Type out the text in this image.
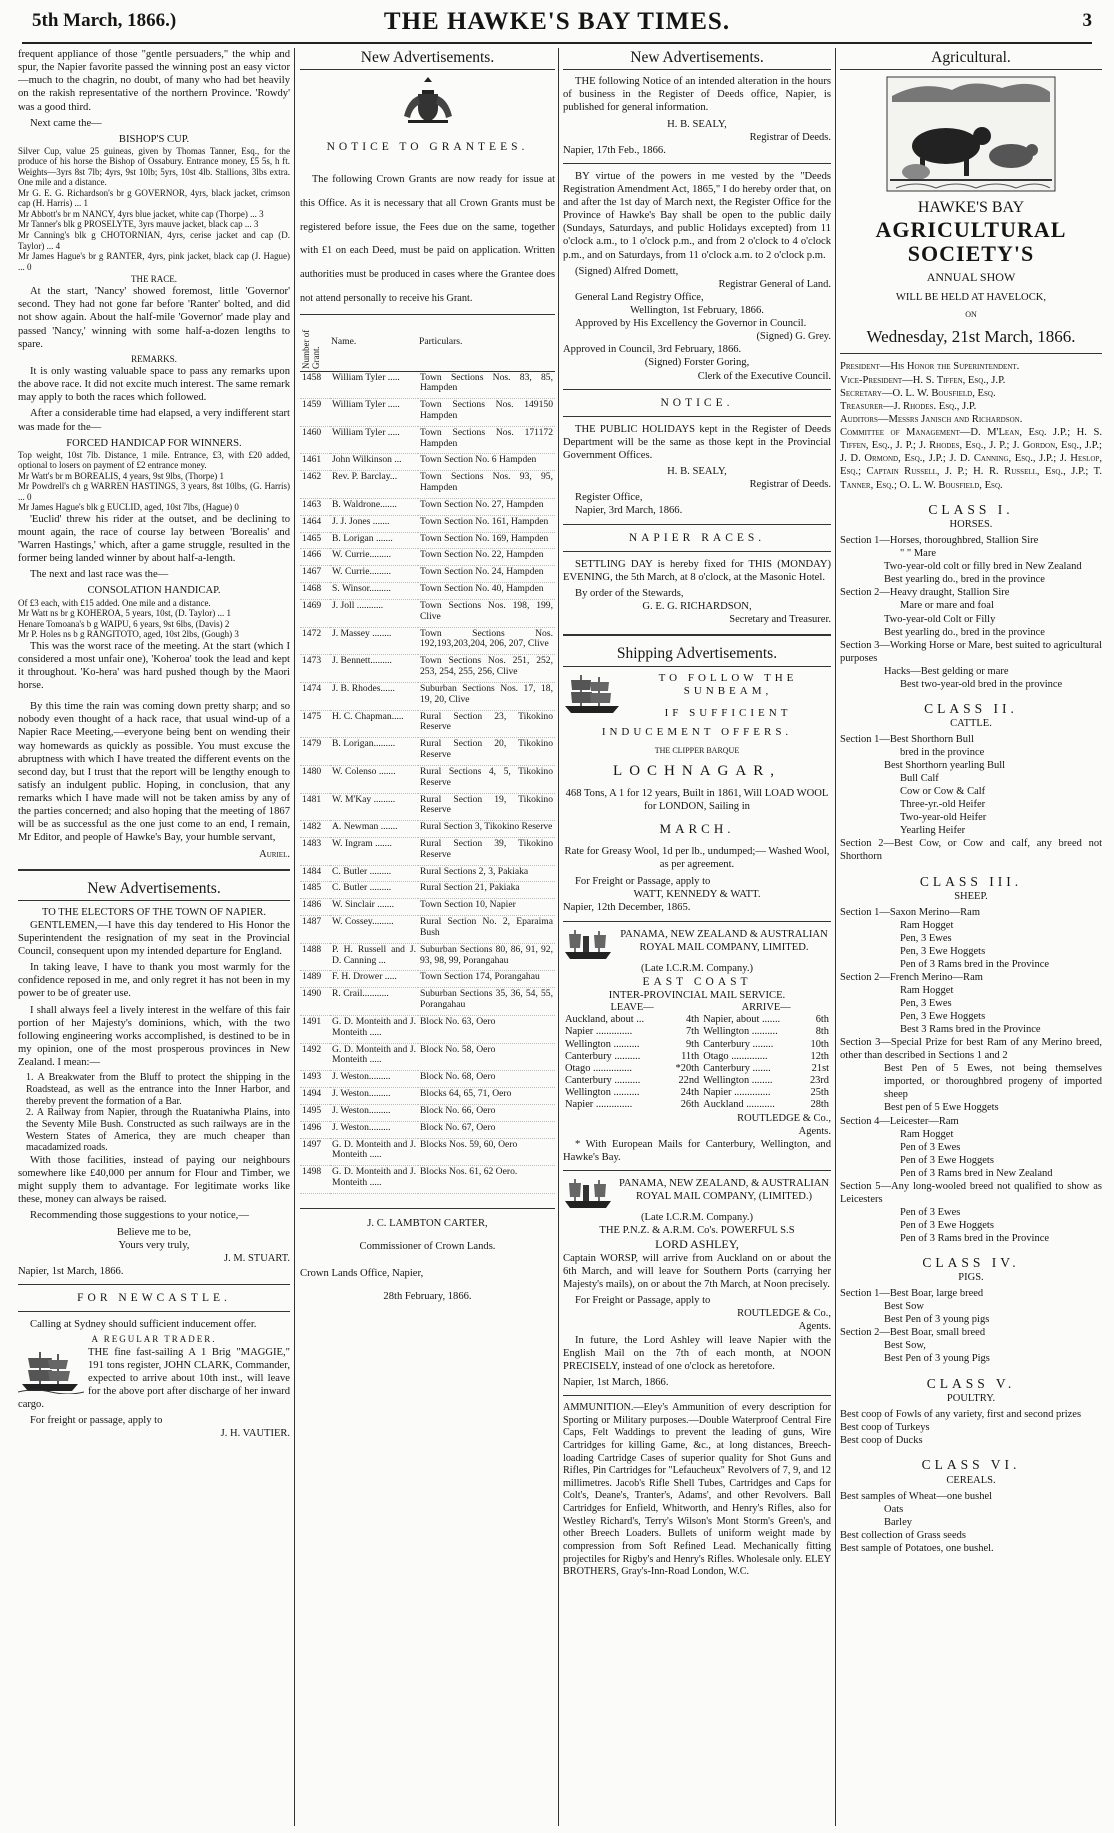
5th March, 1866.)	THE HAWKE'S BAY TIMES.	3

frequent appliance of those "gentle persuaders," the whip and spur, the Napier favorite passed the winning post an easy victor—much to the chagrin, no doubt, of many who had bet heavily on the rakish representative of the northern Province. 'Rowdy' was a good third.

Next came the—

BISHOP'S CUP.
Silver Cup, value 25 guineas, given by Thomas Tanner, Esq., for the produce of his horse the Bishop of Ossabury. Entrance money, £5 5s, h ft. Weights—3yrs 8st 7lb; 4yrs, 9st 10lb; 5yrs, 10st 4lb. Stallions, 3lbs extra. One mile and a distance.
Mr G. E. G. Richardson's br g GOVERNOR, 4yrs, black jacket, crimson cap (H. Harris) ... 1
Mr Abbott's br m NANCY, 4yrs blue jacket, white cap (Thorpe) ... 3
Mr Tanner's blk g PROSELYTE, 3yrs mauve jacket, black cap ... 3
Mr Canning's blk g CHOTORNIAN, 4yrs, cerise jacket and cap (D. Taylor) ... 4
Mr James Hague's br g RANTER, 4yrs, pink jacket, black cap (J. Hague) ... 0
THE RACE.

At the start, 'Nancy' showed foremost, little 'Governor' second. They had not gone far before 'Ranter' bolted, and did not show again. About the half-mile 'Governor' made play and passed 'Nancy,' winning with some half-a-dozen lengths to spare.

REMARKS.

It is only wasting valuable space to pass any remarks upon the above race. It did not excite much interest. The same remark may apply to both the races which followed.

After a considerable time had elapsed, a very indifferent start was made for the—

FORCED HANDICAP FOR WINNERS.
Top weight, 10st 7lb. Distance, 1 mile. Entrance, £3, with £20 added, optional to losers on payment of £2 entrance money.
Mr Watt's br m BOREALIS, 4 years, 9st 9lbs, (Thorpe) 1
Mr Powdrell's ch g WARREN HASTINGS, 3 years, 8st 10lbs, (G. Harris) ... 0
Mr James Hague's blk g EUCLID, aged, 10st 7lbs, (Hague) 0

'Euclid' threw his rider at the outset, and be declining to mount again, the race of course lay between 'Borealis' and 'Warren Hastings,' which, after a game struggle, resulted in the former being landed winner by about half-a-length.

The next and last race was the—

CONSOLATION HANDICAP.
Of £3 each, with £15 added. One mile and a distance.
Mr Watt ns br g KOHEROA, 5 years, 10st, (D. Taylor) ... 1
Henare Tomoana's b g WAIPU, 6 years, 9st 6lbs, (Davis) 2
Mr P. Holes ns b g RANGITOTO, aged, 10st 2lbs, (Gough) 3

This was the worst race of the meeting. At the start (which I considered a most unfair one), 'Koheroa' took the lead and kept it throughout. 'Ko-hera' was hard pushed though by the Maori horse.

By this time the rain was coming down pretty sharp; and so nobody even thought of a hack race, that usual wind-up of a Napier Race Meeting,—everyone being bent on wending their way homewards as quickly as possible. You must excuse the abruptness with which I have treated the different events on the second day, but I trust that the report will be lengthy enough to satisfy an indulgent public. Hoping, in conclusion, that any remarks which I have made will not be taken amiss by any of the parties concerned; and also hoping that the meeting of 1867 will be as successful as the one just come to an end, I remain, Mr Editor, and people of Hawke's Bay, your humble servant,

Auriel.
New Advertisements.
TO THE ELECTORS OF THE TOWN OF NAPIER.

GENTLEMEN,—I have this day tendered to His Honor the Superintendent the resignation of my seat in the Provincial Council, consequent upon my intended departure for England.

In taking leave, I have to thank you most warmly for the confidence reposed in me, and only regret it has not been in my power to be of greater use.

I shall always feel a lively interest in the welfare of this fair portion of her Majesty's dominions, which, with the two following engineering works accomplished, is destined to be in my opinion, one of the most prosperous provinces in New Zealand. I mean:—

1. A Breakwater from the Bluff to protect the shipping in the Roadstead, as well as the entrance into the Inner Harbor, and thereby prevent the formation of a Bar.

2. A Railway from Napier, through the Ruataniwha Plains, into the Seventy Mile Bush. Constructed as such railways are in the Western States of America, they are much cheaper than macadamized roads.

With those facilities, instead of paying our neighbours somewhere like £40,000 per annum for Flour and Timber, we might supply them to advantage. For legitimate works like these, money can always be raised.

Recommending those suggestions to your notice,—

Believe me to be,
Yours very truly,
J. M. STUART.
Napier, 1st March, 1866.
FOR NEWCASTLE.

Calling at Sydney should sufficient inducement offer.

A REGULAR TRADER.

THE fine fast-sailing A 1 Brig "MAGGIE," 191 tons register, JOHN CLARK, Commander, expected to arrive about 10th inst., will leave for the above port after discharge of her inward cargo.

For freight or passage, apply to
J. H. VAUTIER.
New Advertisements.
NOTICE TO GRANTEES.

The following Crown Grants are now ready for issue at this Office. As it is necessary that all Crown Grants must be registered before issue, the Fees due on the same, together with £1 on each Deed, must be paid on application. Written authorities must be produced in cases where the Grantee does not attend personally to receive his Grant.

Number of Grant.	Name.	Particulars.
1458	William Tyler .....	Town Sections Nos. 83, 85, Hampden
1459	William Tyler .....	Town Sections Nos. 149150 Hampden
1460	William Tyler .....	Town Sections Nos. 171172 Hampden
1461	John Wilkinson ...	Town Section No. 6 Hampden
1462	Rev. P. Barclay...	Town Sections Nos. 93, 95, Hampden
1463	B. Waldrone.......	Town Section No. 27, Hampden
1464	J. J. Jones .......	Town Section No. 161, Hampden
1465	B. Lorigan .......	Town Section No. 169, Hampden
1466	W. Currie.........	Town Section No. 22, Hampden
1467	W. Currie.........	Town Section No. 24, Hampden
1468	S. Winsor.........	Town Section No. 40, Hampden
1469	J. Joll ...........	Town Sections Nos. 198, 199, Clive
1472	J. Massey ........	Town Sections Nos. 192,193,203,204, 206, 207, Clive
1473	J. Bennett.........	Town Sections Nos. 251, 252, 253, 254, 255, 256, Clive
1474	J. B. Rhodes......	Suburban Sections Nos. 17, 18, 19, 20, Clive
1475	H. C. Chapman.....	Rural Section 23, Tikokino Reserve
1479	B. Lorigan.........	Rural Section 20, Tikokino Reserve
1480	W. Colenso .......	Rural Sections 4, 5, Tikokino Reserve
1481	W. M'Kay .........	Rural Section 19, Tikokino Reserve
1482	A. Newman .......	Rural Section 3, Tikokino Reserve
1483	W. Ingram .......	Rural Section 39, Tikokino Reserve
1484	C. Butler .........	Rural Sections 2, 3, Pakiaka
1485	C. Butler .........	Rural Section 21, Pakiaka
1486	W. Sinclair .......	Town Section 10, Napier
1487	W. Cossey.........	Rural Section No. 2, Eparaima Bush
1488	P. H. Russell and J. D. Canning ...	Suburban Sections 80, 86, 91, 92, 93, 98, 99, Porangahau
1489	F. H. Drower .....	Town Section 174, Porangahau
1490	R. Crail...........	Suburban Sections 35, 36, 54, 55, Porangahau
1491	G. D. Monteith and J. Monteith .....	Block No. 63, Oero
1492	G. D. Monteith and J. Monteith .....	Block No. 58, Oero
1493	J. Weston.........	Block No. 68, Oero
1494	J. Weston.........	Blocks 64, 65, 71, Oero
1495	J. Weston.........	Block No. 66, Oero
1496	J. Weston.........	Block No. 67, Oero
1497	G. D. Monteith and J. Monteith .....	Blocks Nos. 59, 60, Oero
1498	G. D. Monteith and J. Monteith .....	Blocks Nos. 61, 62 Oero.
J. C. LAMBTON CARTER,
Commissioner of Crown Lands.
Crown Lands Office, Napier,
28th February, 1866.
New Advertisements.

THE following Notice of an intended alteration in the hours of business in the Register of Deeds office, Napier, is published for general information.

H. B. SEALY,
Registrar of Deeds.
Napier, 17th Feb., 1866.

BY virtue of the powers in me vested by the "Deeds Registration Amendment Act, 1865," I do hereby order that, on and after the 1st day of March next, the Register Office for the Province of Hawke's Bay shall be open to the public daily (Sundays, Saturdays, and public Holidays excepted) from 11 o'clock a.m., to 1 o'clock p.m., and from 2 o'clock to 4 o'clock p.m., and on Saturdays, from 11 o'clock a.m. to 2 o'clock p.m.

(Signed) Alfred Domett,
Registrar General of Land.
General Land Registry Office,
Wellington, 1st February, 1866.
Approved by His Excellency the Governor in Council.
(Signed) G. Grey.
Approved in Council, 3rd February, 1866.
(Signed) Forster Goring,
Clerk of the Executive Council.
NOTICE.

THE PUBLIC HOLIDAYS kept in the Register of Deeds Department will be the same as those kept in the Provincial Government Offices.

H. B. SEALY,
Registrar of Deeds.
Register Office,
Napier, 3rd March, 1866.
NAPIER RACES.

SETTLING DAY is hereby fixed for THIS (MONDAY) EVENING, the 5th March, at 8 o'clock, at the Masonic Hotel.

By order of the Stewards,
G. E. G. RICHARDSON,
Secretary and Treasurer.
Shipping Advertisements.
TO FOLLOW THE SUNBEAM,
IF SUFFICIENT
INDUCEMENT OFFERS.
THE CLIPPER BARQUE
LOCHNAGAR,
468 Tons, A 1 for 12 years, Built in 1861, Will LOAD WOOL for LONDON, Sailing in
MARCH.
Rate for Greasy Wool, 1d per lb., undumped;— Washed Wool, as per agreement.
For Freight or Passage, apply to
WATT, KENNEDY & WATT.
Napier, 12th December, 1865.
PANAMA, NEW ZEALAND & AUSTRALIAN ROYAL MAIL COMPANY, LIMITED.
(Late I.C.R.M. Company.)
EAST COAST
INTER-PROVINCIAL MAIL SERVICE.
LEAVE—		ARRIVE—	
Auckland, about ...	4th	Napier, about .......	6th
Napier ..............	7th	Wellington ..........	8th
Wellington ..........	9th	Canterbury ........	10th
Canterbury ..........	11th	Otago ..............	12th
Otago ...............	*20th	Canterbury .......	21st
Canterbury ..........	22nd	Wellington ........	23rd
Wellington ..........	24th	Napier ..............	25th
Napier ..............	26th	Auckland ...........	28th
ROUTLEDGE & Co.,
Agents.

* With European Mails for Canterbury, Wellington, and Hawke's Bay.

PANAMA, NEW ZEALAND, & AUSTRALIAN ROYAL MAIL COMPANY, (LIMITED.)
(Late I.C.R.M. Company.)
THE P.N.Z. & A.R.M. Co's. POWERFUL S.S
LORD ASHLEY,

Captain WORSP, will arrive from Auckland on or about the 6th March, and will leave for Southern Ports (carrying her Majesty's mails), on or about the 7th March, at Noon precisely.

For Freight or Passage, apply to
ROUTLEDGE & Co.,
Agents.

In future, the Lord Ashley will leave Napier with the English Mail on the 7th of each month, at NOON PRECISELY, instead of one o'clock as heretofore.

Napier, 1st March, 1866.

AMMUNITION.—Eley's Ammunition of every description for Sporting or Military purposes.—Double Waterproof Central Fire Caps, Felt Waddings to prevent the leading of guns, Wire Cartridges for killing Game, &c., at long distances, Breech-loading Cartridge Cases of superior quality for Shot Guns and Rifles, Pin Cartridges for "Lefaucheux" Revolvers of 7, 9, and 12 millimetres. Jacob's Rifle Shell Tubes, Cartridges and Caps for Colt's, Deane's, Tranter's, Adams', and other Revolvers. Ball Cartridges for Enfield, Whitworth, and Henry's Rifles, also for Westley Richard's, Terry's Wilson's Mont Storm's Green's, and other Breech Loaders. Bullets of uniform weight made by compression from Soft Refined Lead. Mechanically fitting projectiles for Rigby's and Henry's Rifles. Wholesale only. ELEY BROTHERS, Gray's-Inn-Road London, W.C.

Agricultural.
HAWKE'S BAY
AGRICULTURAL SOCIETY'S
ANNUAL SHOW
WILL BE HELD AT HAVELOCK,
ON
Wednesday, 21st March, 1866.
President—His Honor the Superintendent.
Vice-President—H. S. Tiffen, Esq., J.P.
Secretary—O. L. W. Bousfield, Esq.
Treasurer—J. Rhodes. Esq., J.P.
Auditors—Messrs Janisch and Richardson.

Committee of Management—D. M'Lean, Esq. J.P.; H. S. Tiffen, Esq., J. P.; J. Rhodes, Esq., J. P.; J. Gordon, Esq., J.P.; J. D. Ormond, Esq., J.P.; J. D. Canning, Esq., J.P.; J. Heslop, Esq.; Captain Russell, J. P.; H. R. Russell, Esq., J.P.; T. Tanner, Esq.; O. L. W. Bousfield, Esq.

CLASS I.
HORSES.
Section 1—Horses, thoroughbred, Stallion Sire
" " Mare
Two-year-old colt or filly bred in New Zealand
Best yearling do., bred in the province
Section 2—Heavy draught, Stallion Sire
Mare or mare and foal
Two-year-old Colt or Filly
Best yearling do., bred in the province
Section 3—Working Horse or Mare, best suited to agricultural purposes
Hacks—Best gelding or mare
Best two-year-old bred in the province
CLASS II.
CATTLE.
Section 1—Best Shorthorn Bull
bred in the province
Best Shorthorn yearling Bull
Bull Calf
Cow or Cow & Calf
Three-yr.-old Heifer
Two-year-old Heifer
Yearling Heifer
Section 2—Best Cow, or Cow and calf, any breed not Shorthorn
CLASS III.
SHEEP.
Section 1—Saxon Merino—Ram
Ram Hogget
Pen, 3 Ewes
Pen, 3 Ewe Hoggets
Pen of 3 Rams bred in the Province
Section 2—French Merino—Ram
Ram Hogget
Pen, 3 Ewes
Pen, 3 Ewe Hoggets
Best 3 Rams bred in the Province
Section 3—Special Prize for best Ram of any Merino breed, other than described in Sections 1 and 2
Best Pen of 5 Ewes, not being themselves imported, or thoroughbred progeny of imported sheep
Best pen of 5 Ewe Hoggets
Section 4—Leicester—Ram
Ram Hogget
Pen of 3 Ewes
Pen of 3 Ewe Hoggets
Pen of 3 Rams bred in New Zealand
Section 5—Any long-wooled breed not qualified to show as Leicesters
Pen of 3 Ewes
Pen of 3 Ewe Hoggets
Pen of 3 Rams bred in the Province
CLASS IV.
PIGS.
Section 1—Best Boar, large breed
Best Sow
Best Pen of 3 young pigs
Section 2—Best Boar, small breed
Best Sow,
Best Pen of 3 young Pigs
CLASS V.
POULTRY.
Best coop of Fowls of any variety, first and second prizes
Best coop of Turkeys
Best coop of Ducks
CLASS VI.
CEREALS.
Best samples of Wheat—one bushel
Oats
Barley
Best collection of Grass seeds
Best sample of Potatoes, one bushel.
